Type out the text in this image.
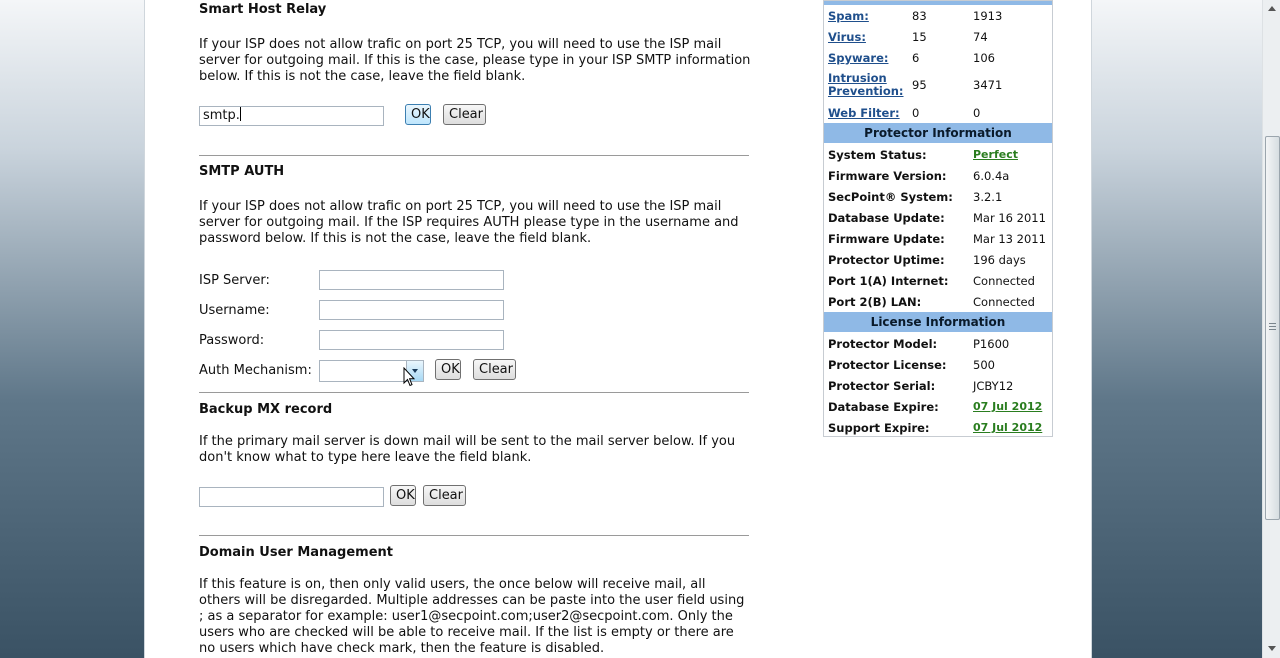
Smart Host Relay
If your ISP does not allow trafic on port 25 TCP, you will need to use the ISP mail server for outgoing mail. If this is the case, please type in your ISP SMTP information below. If this is not the case, leave the field blank.
smtp.	OK	Clear
SMTP AUTH
If your ISP does not allow trafic on port 25 TCP, you will need to use the ISP mail server for outgoing mail. If the ISP requires AUTH please type in the username and password below. If this is not the case, leave the field blank.
ISP Server:
Username:
Password:
Auth Mechanism:	OK	Clear
Backup MX record
If the primary mail server is down mail will be sent to the mail server below. If you don't know what to type here leave the field blank.
OK	Clear
Domain User Management
If this feature is on, then only valid users, the once below will receive mail, all others will be disregarded. Multiple addresses can be paste into the user field using ; as a separator for example: user1@secpoint.com;user2@secpoint.com. Only the users who are checked will be able to receive mail. If the list is empty or there are no users which have check mark, then the feature is disabled.
Spam:	83	1913
Virus:	15	74
Spyware: 6	106
Intrusion Prevention: 95	3471
Web Filter: 0	0
Protector Information
System Status:	Perfect
Firmware Version: 6.0.4a
SecPoint® System: 3.2.1
Database Update: Mar 16 2011
Firmware Update: Mar 13 2011
Protector Uptime: 196 days
Port 1(A) Internet: Connected
Port 2(B) LAN:	Connected
License Information
Protector Model:	P1600
Protector License: 500
Protector Serial:	JCBY12
Database Expire:	07 Jul 2012
Support Expire:	07 Jul 2012
